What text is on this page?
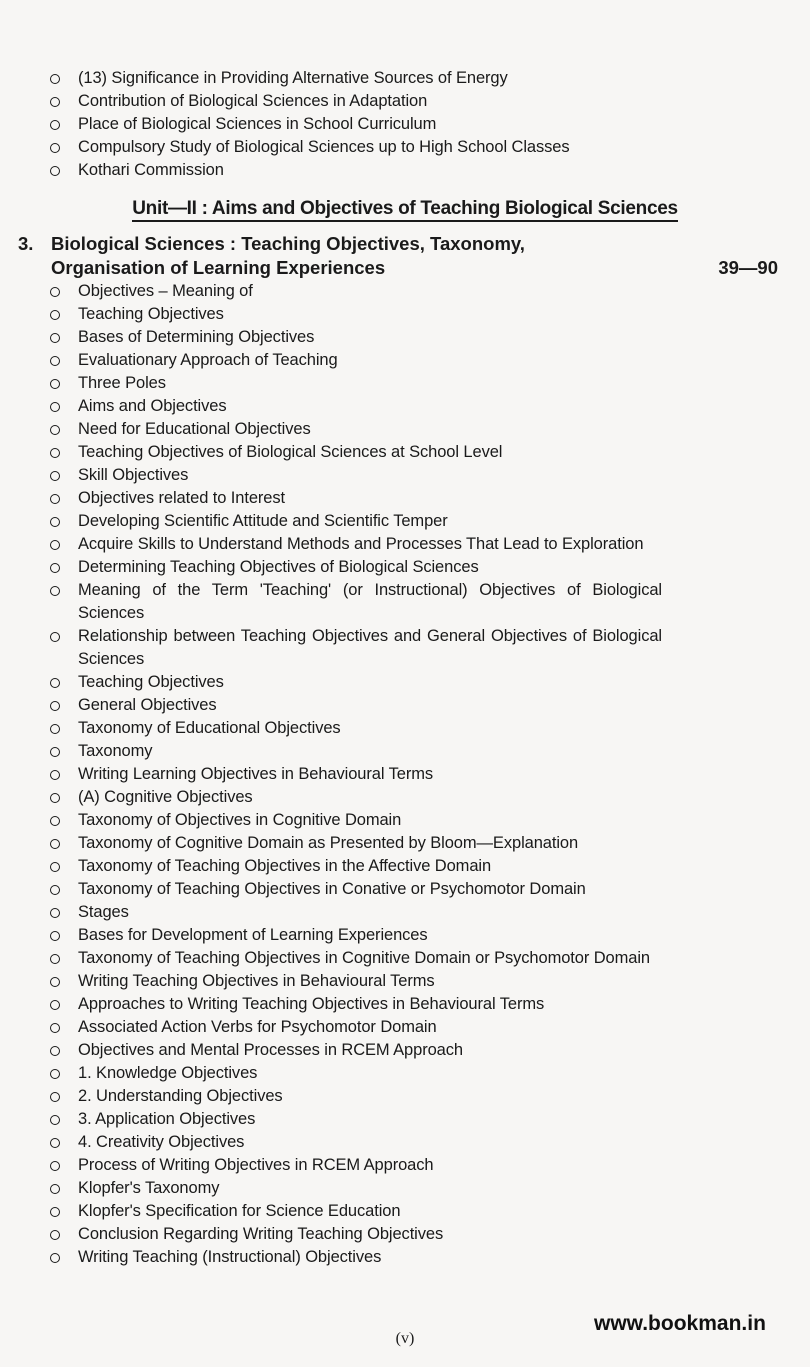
(13) Significance in Providing Alternative Sources of Energy
Contribution of Biological Sciences in Adaptation
Place of Biological Sciences in School Curriculum
Compulsory Study of Biological Sciences up to High School Classes
Kothari Commission
Unit—II : Aims and Objectives of Teaching Biological Sciences
3. Biological Sciences : Teaching Objectives, Taxonomy,
Organisation of Learning Experiences	39—90
Objectives – Meaning of
Teaching Objectives
Bases of Determining Objectives
Evaluationary Approach of Teaching
Three Poles
Aims and Objectives
Need for Educational Objectives
Teaching Objectives of Biological Sciences at School Level
Skill Objectives
Objectives related to Interest
Developing Scientific Attitude and Scientific Temper
Acquire Skills to Understand Methods and Processes That Lead to Exploration
Determining Teaching Objectives of Biological Sciences
Meaning of the Term 'Teaching' (or Instructional) Objectives of Biological Sciences
Relationship between Teaching Objectives and General Objectives of Biological Sciences
Teaching Objectives
General Objectives
Taxonomy of Educational Objectives
Taxonomy
Writing Learning Objectives in Behavioural Terms
(A) Cognitive Objectives
Taxonomy of Objectives in Cognitive Domain
Taxonomy of Cognitive Domain as Presented by Bloom—Explanation
Taxonomy of Teaching Objectives in the Affective Domain
Taxonomy of Teaching Objectives in Conative or Psychomotor Domain
Stages
Bases for Development of Learning Experiences
Taxonomy of Teaching Objectives in Cognitive Domain or Psychomotor Domain
Writing Teaching Objectives in Behavioural Terms
Approaches to Writing Teaching Objectives in Behavioural Terms
Associated Action Verbs for Psychomotor Domain
Objectives and Mental Processes in RCEM Approach
1. Knowledge Objectives
2. Understanding Objectives
3. Application Objectives
4. Creativity Objectives
Process of Writing Objectives in RCEM Approach
Klopfer's Taxonomy
Klopfer's Specification for Science Education
Conclusion Regarding Writing Teaching Objectives
Writing Teaching (Instructional) Objectives
(v)
www.bookman.in
